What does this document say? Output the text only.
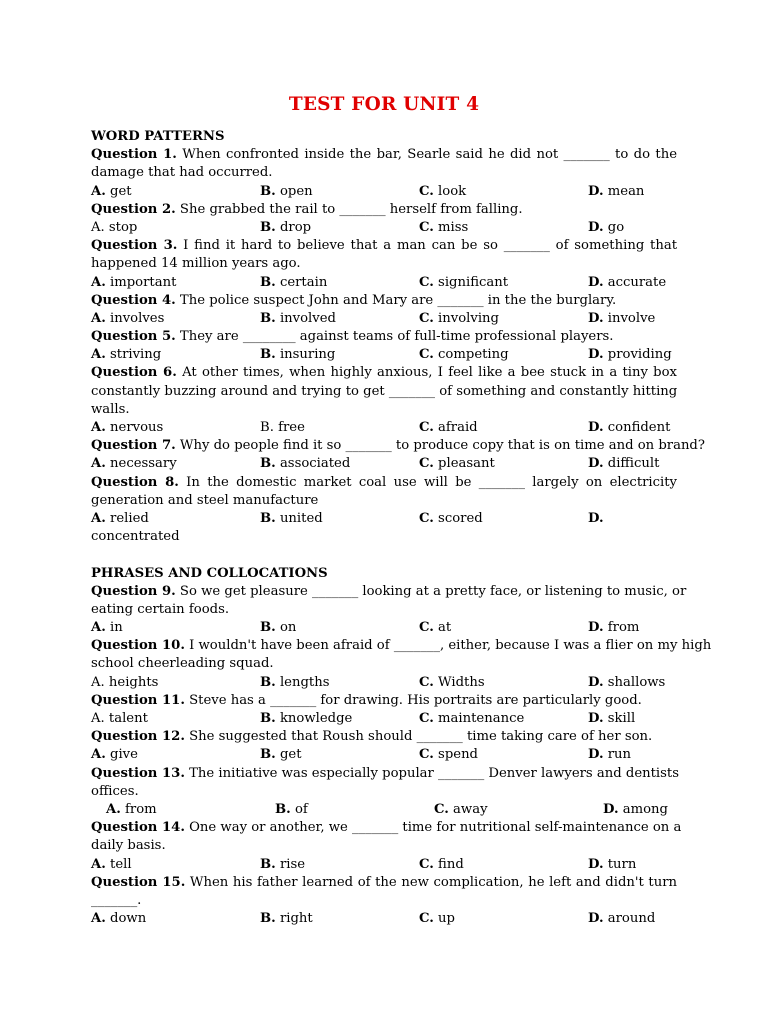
TEST FOR UNIT 4
WORD PATTERNS
Question 1. When confronted inside the bar, Searle said he did not _______ to do the
damage that had occurred.
A. get	B. open	C. look	D. mean
Question 2. She grabbed the rail to _______ herself from falling.
A. stop	B. drop	C. miss	D. go
Question 3. I find it hard to believe that a man can be so _______ of something that
happened 14 million years ago.
A. important	B. certain	C. significant	D. accurate
Question 4. The police suspect John and Mary are _______ in the the burglary.
A. involves	B. involved	C. involving	D. involve
Question 5. They are ________ against teams of full-time professional players.
A. striving	B. insuring	C. competing	D. providing
Question 6. At other times, when highly anxious, I feel like a bee stuck in a tiny box
constantly buzzing around and trying to get _______ of something and constantly hitting
walls.
A. nervous	B. free	C. afraid	D. confident
Question 7. Why do people find it so _______ to produce copy that is on time and on brand?
A. necessary	B. associated	C. pleasant	D. difficult
Question 8. In the domestic market coal use will be _______ largely on electricity
generation and steel manufacture
A. relied	B. united	C. scored	D.
concentrated
PHRASES AND COLLOCATIONS
Question 9. So we get pleasure _______ looking at a pretty face, or listening to music, or
eating certain foods.
A. in	B. on	C. at	D. from
Question 10. I wouldn't have been afraid of _______, either, because I was a flier on my high
school cheerleading squad.
A. heights	B. lengths	C. Widths	D. shallows
Question 11. Steve has a _______ for drawing. His portraits are particularly good.
A. talent	B. knowledge	C. maintenance	D. skill
Question 12. She suggested that Roush should _______ time taking care of her son.
A. give	B. get	C. spend	D. run
Question 13. The initiative was especially popular _______ Denver lawyers and dentists
offices.
A. from	B. of	C. away	D. among
Question 14. One way or another, we _______ time for nutritional self-maintenance on a
daily basis.
A. tell	B. rise	C. find	D. turn
Question 15. When his father learned of the new complication, he left and didn't turn
_______.
A. down	B. right	C. up	D. around
